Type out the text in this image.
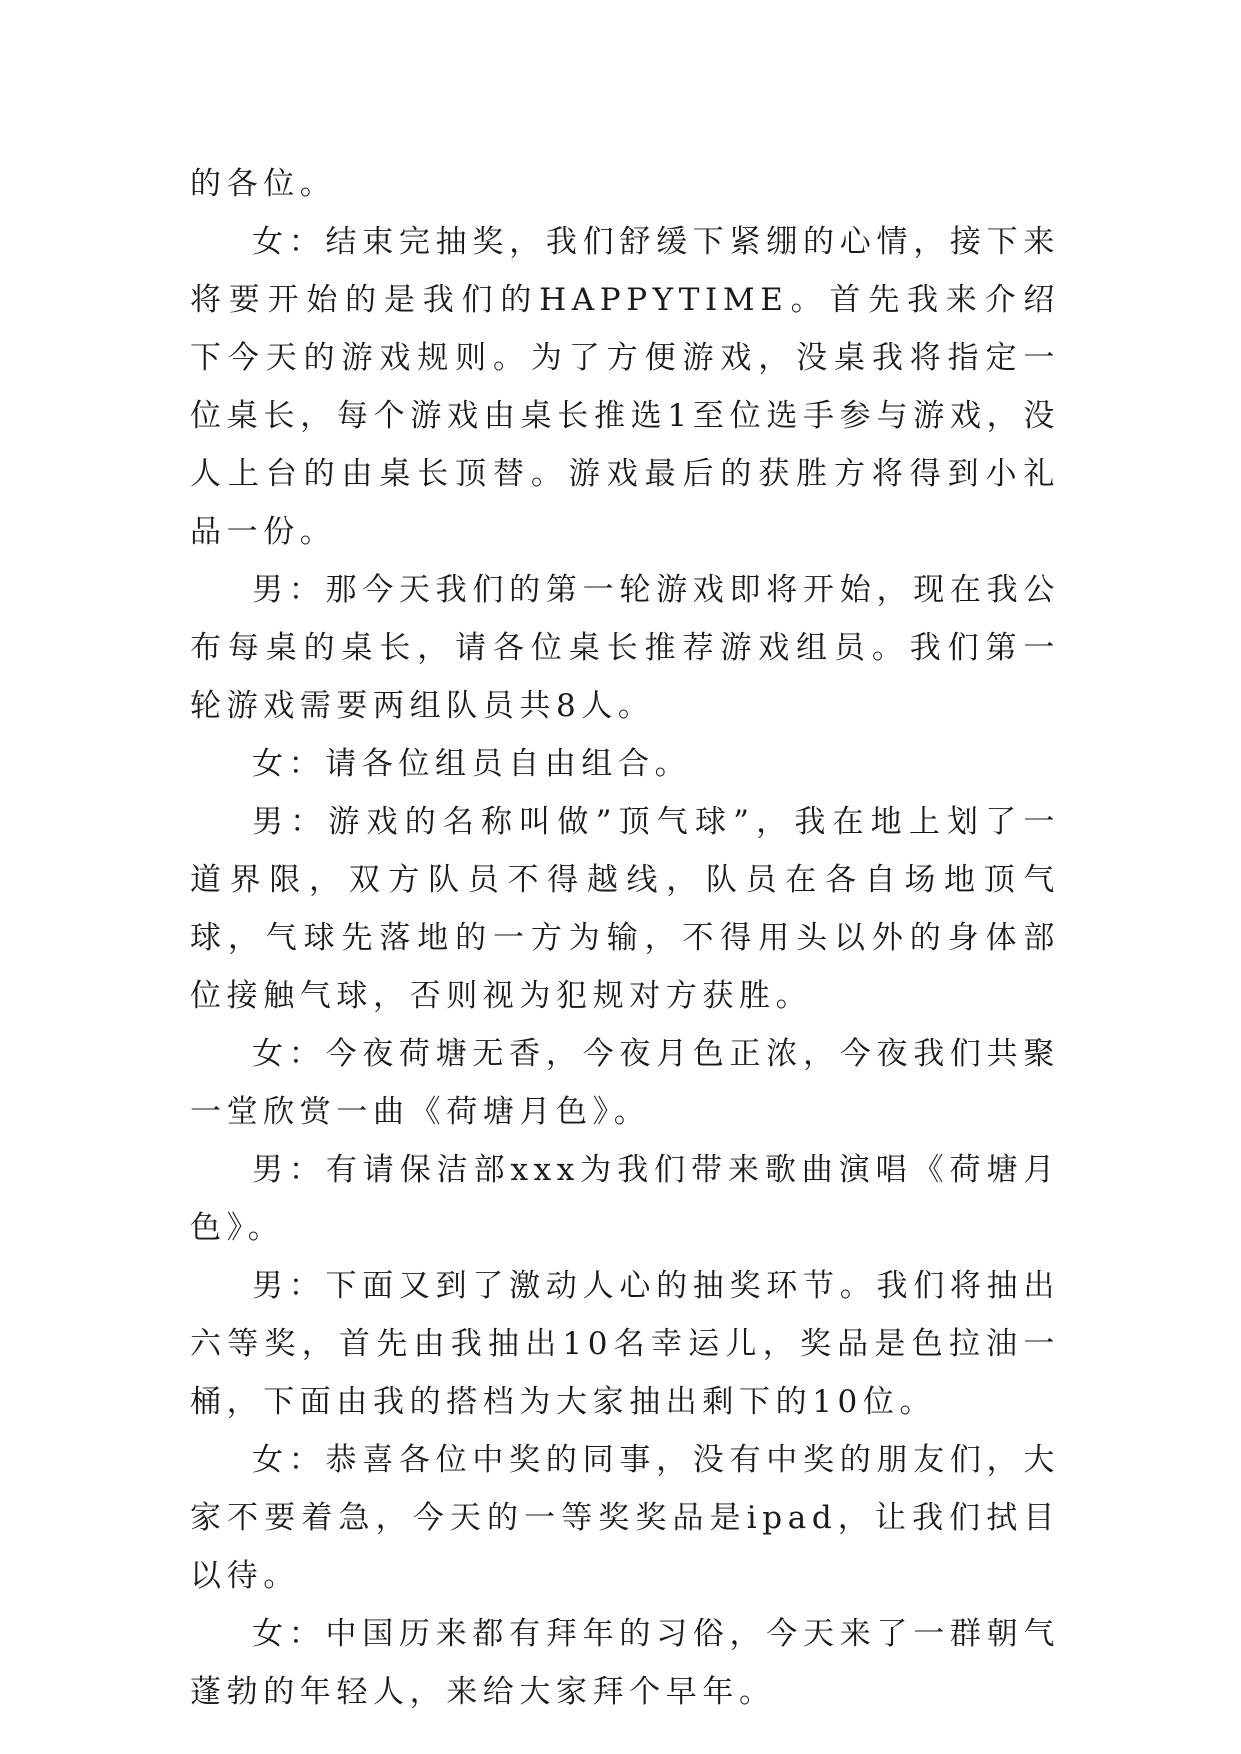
的各位。

女：结束完抽奖，我们舒缓下紧绷的心情，接下来将要开始的是我们的HAPPYTIME。首先我来介绍下今天的游戏规则。为了方便游戏，没桌我将指定一位桌长，每个游戏由桌长推选1至位选手参与游戏，没人上台的由桌长顶替。游戏最后的获胜方将得到小礼品一份。

男：那今天我们的第一轮游戏即将开始，现在我公布每桌的桌长，请各位桌长推荐游戏组员。我们第一轮游戏需要两组队员共8人。

女：请各位组员自由组合。

男：游戏的名称叫做”顶气球”，我在地上划了一道界限，双方队员不得越线，队员在各自场地顶气球，气球先落地的一方为输，不得用头以外的身体部位接触气球，否则视为犯规对方获胜。

女：今夜荷塘无香，今夜月色正浓，今夜我们共聚一堂欣赏一曲《荷塘月色》。

男：有请保洁部xxx为我们带来歌曲演唱《荷塘月色》。

男：下面又到了激动人心的抽奖环节。我们将抽出六等奖，首先由我抽出10名幸运儿，奖品是色拉油一桶，下面由我的搭档为大家抽出剩下的10位。

女：恭喜各位中奖的同事，没有中奖的朋友们，大家不要着急，今天的一等奖奖品是ipad，让我们拭目以待。

女：中国历来都有拜年的习俗，今天来了一群朝气蓬勃的年轻人，来给大家拜个早年。
